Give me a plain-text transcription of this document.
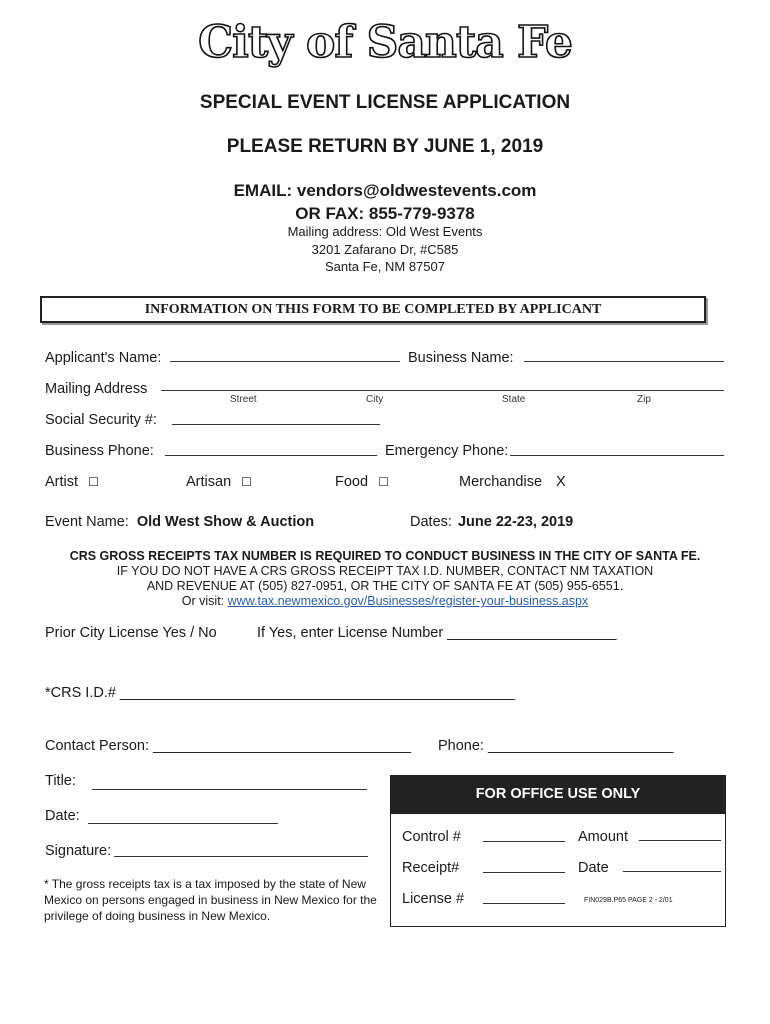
City of Santa Fe
SPECIAL EVENT LICENSE APPLICATION
PLEASE RETURN BY JUNE 1, 2019
EMAIL: vendors@oldwestevents.com
OR FAX: 855-779-9378
Mailing address: Old West Events
3201 Zafarano Dr, #C585
Santa Fe, NM 87507
INFORMATION ON THIS FORM TO BE COMPLETED BY APPLICANT
Applicant's Name:	Business Name:
Mailing Address
Street	City	State	Zip
Social Security #:
Business Phone:	Emergency Phone:
Artist ☐	Artisan ☐	Food ☐	Merchandise X
Event Name: Old West Show & Auction	Dates: June 22-23, 2019
CRS GROSS RECEIPTS TAX NUMBER IS REQUIRED TO CONDUCT BUSINESS IN THE CITY OF SANTA FE.
IF YOU DO NOT HAVE A CRS GROSS RECEIPT TAX I.D. NUMBER, CONTACT NM TAXATION
AND REVENUE AT (505) 827-0951, OR THE CITY OF SANTA FE AT (505) 955-6551.
Or visit: www.tax.newmexico.gov/Businesses/register-your-business.aspx
Prior City License Yes / No	If Yes, enter License Number _____________________
*CRS I.D.# _________________________________________________
Contact Person: ________________________________ Phone: _______________________
Title:
Date:
Signature:
* The gross receipts tax is a tax imposed by the state of New Mexico on persons engaged in business in New Mexico for the privilege of doing business in New Mexico.
FOR OFFICE USE ONLY
Control #	Amount
Receipt#	Date
License #	FIN029B.P65 PAGE 2 - 2/01
